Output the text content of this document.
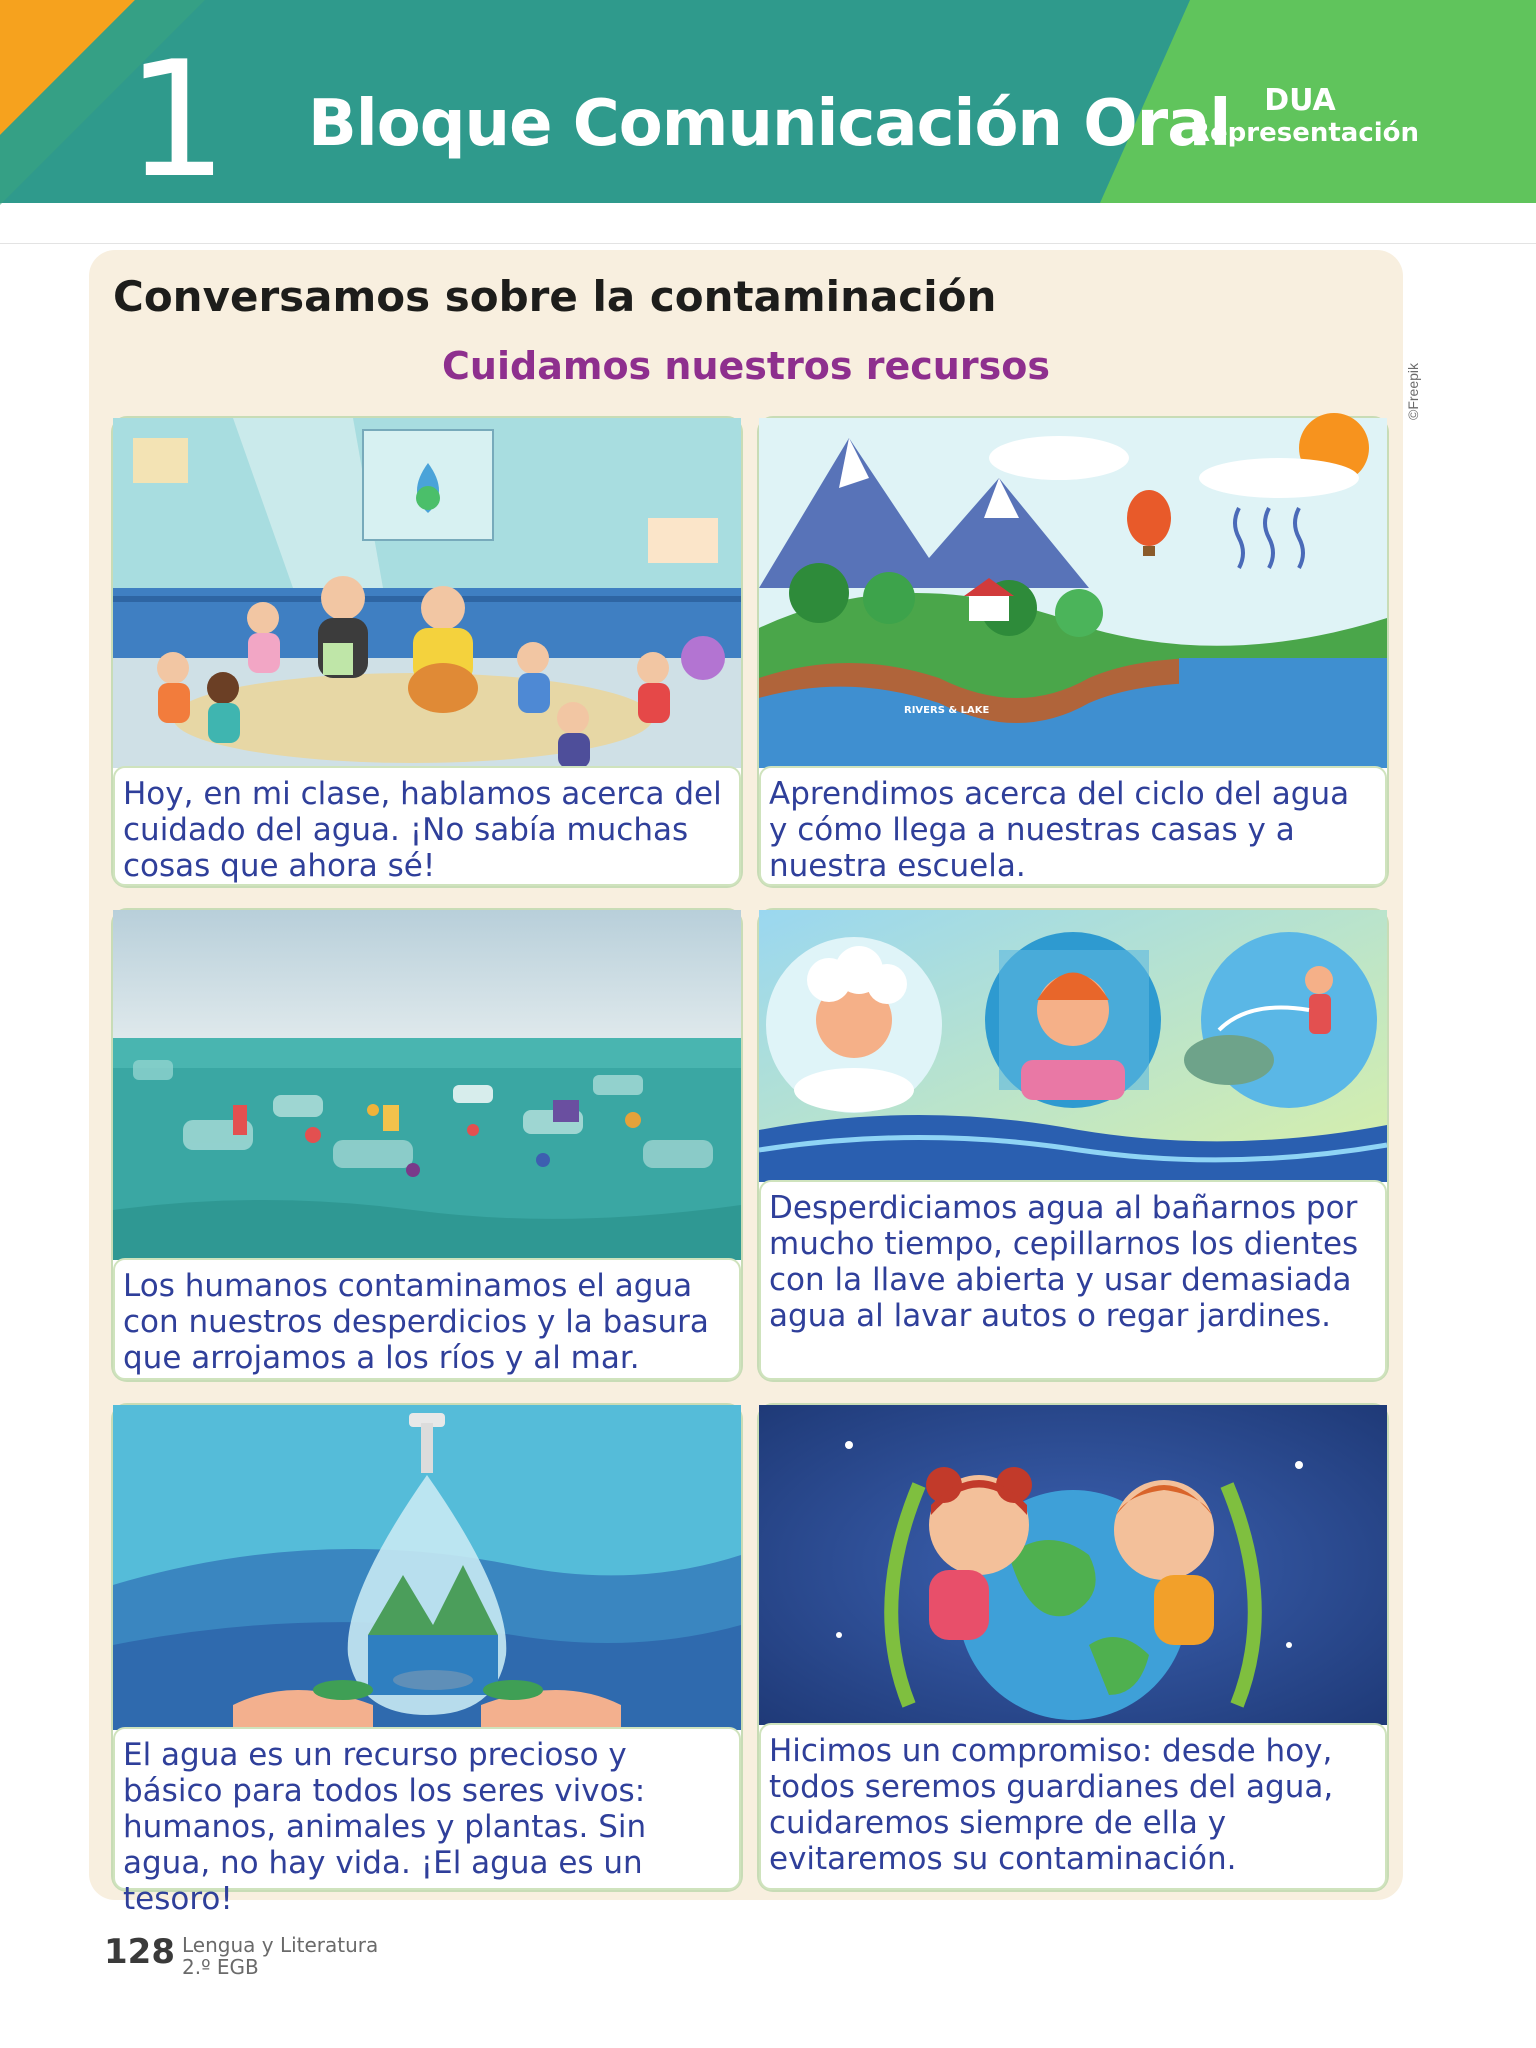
1 Bloque Comunicación Oral	DUA
Representación
Conversamos sobre la contaminación
Cuidamos nuestros recursos	©Freepik
Hoy, en mi clase, hablamos acerca del cuidado del agua. ¡No sabía muchas cosas que ahora sé!
RIVERS & LAKE
Aprendimos acerca del ciclo del agua y cómo llega a nuestras casas y a nuestra escuela.
Los humanos contaminamos el agua con nuestros desperdicios y la basura que arrojamos a los ríos y al mar.
Desperdiciamos agua al bañarnos por mucho tiempo, cepillarnos los dientes con la llave abierta y usar demasiada agua al lavar autos o regar jardines.
El agua es un recurso precioso y básico para todos los seres vivos: humanos, animales y plantas. Sin agua, no hay vida. ¡El agua es un tesoro!
Hicimos un compromiso: desde hoy, todos seremos guardianes del agua, cuidaremos siempre de ella y evitaremos su contaminación.
128 Lengua y Literatura
2.º EGB
